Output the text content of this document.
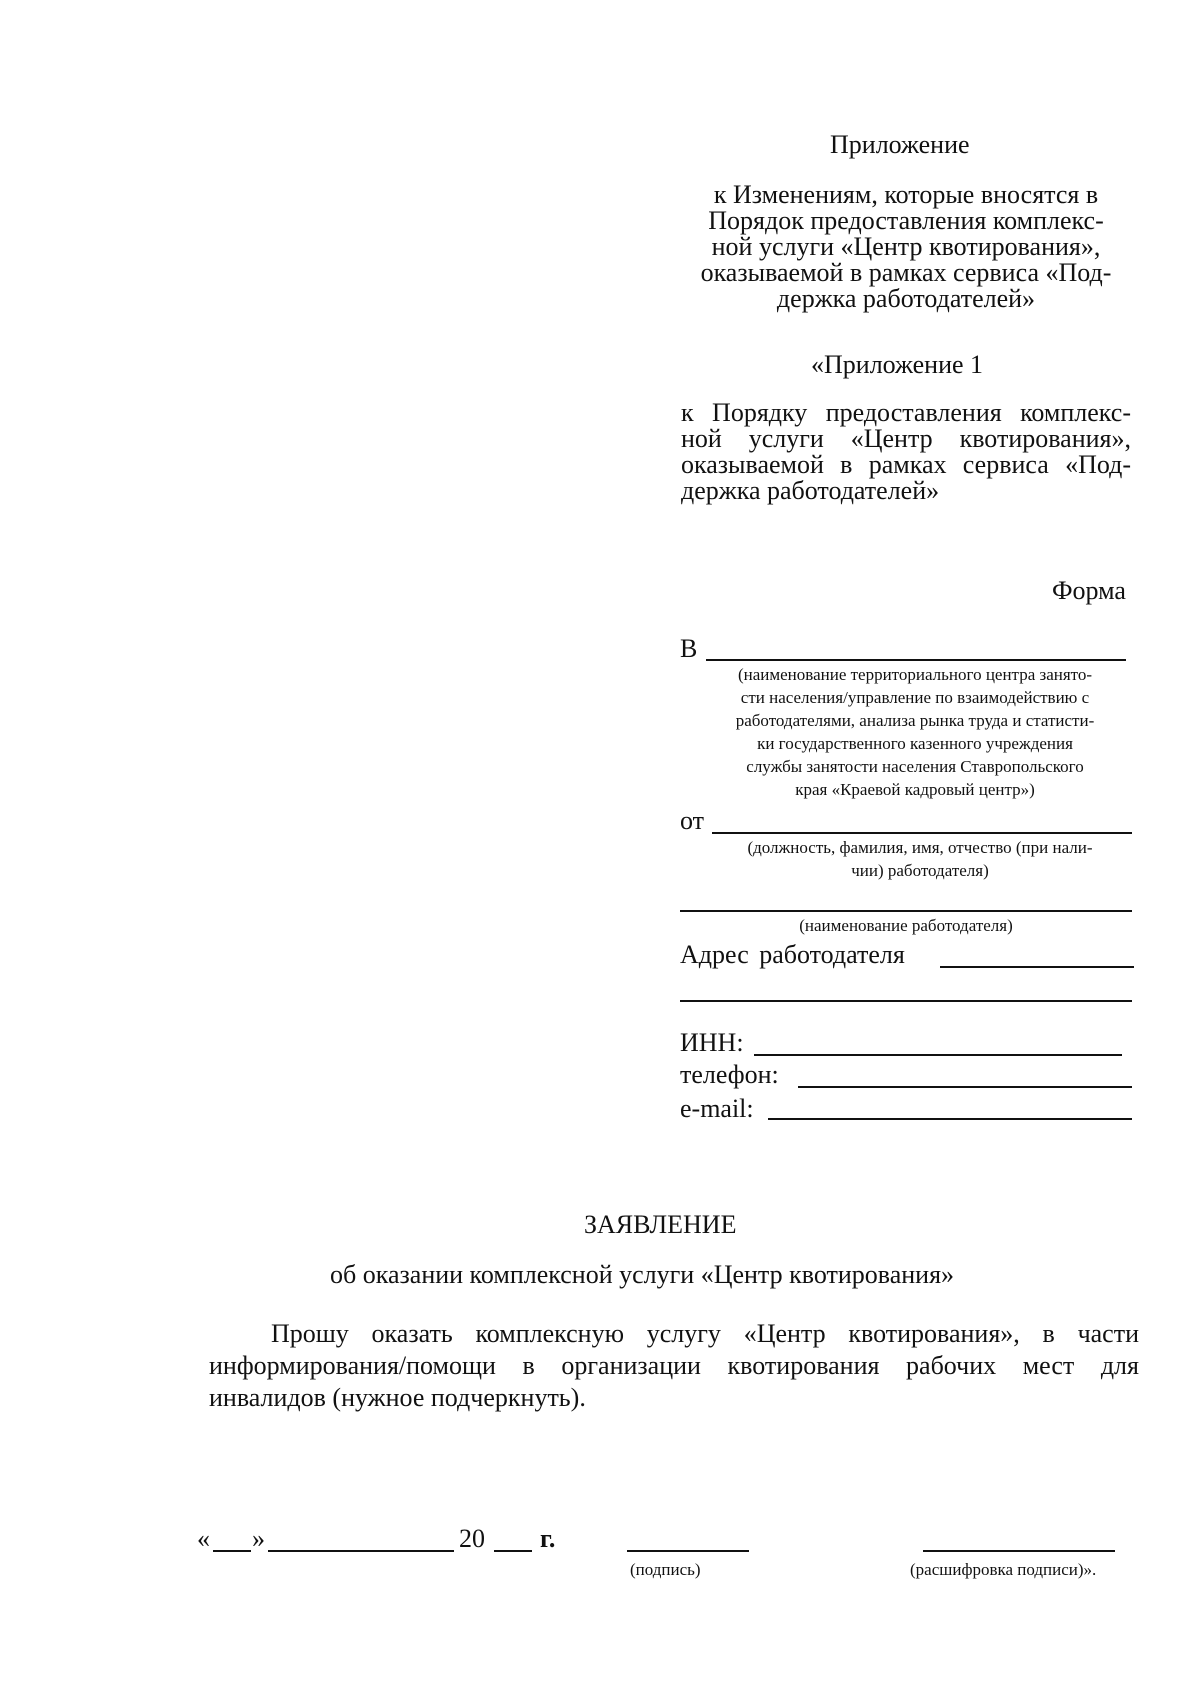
Приложение
к Изменениям, которые вносятся в
Порядок предоставления комплекс-
ной услуги «Центр квотирования»,
оказываемой в рамках сервиса «Под-
держка работодателей»
«Приложение 1
к Порядку предоставления комплекс-
ной услуги «Центр квотирования»,
оказываемой в рамках сервиса «Под-
держка работодателей»
Форма
В
(наименование территориального центра занято-
сти населения/управление по взаимодействию с
работодателями, анализа рынка труда и статисти-
ки государственного казенного учреждения
службы занятости населения Ставропольского
края «Краевой кадровый центр»)
от
(должность, фамилия, имя, отчество (при нали-
чии) работодателя)
(наименование работодателя)
Адрес работодателя
ИНН:
телефон:
e-mail:
ЗАЯВЛЕНИЕ
об оказании комплексной услуги «Центр квотирования»
Прошу оказать комплексную услугу «Центр квотирования», в части информирования/помощи в организации квотирования рабочих мест для инвалидов (нужное подчеркнуть).
« »	20 г.
(подпись)	(расшифровка подписи)».
